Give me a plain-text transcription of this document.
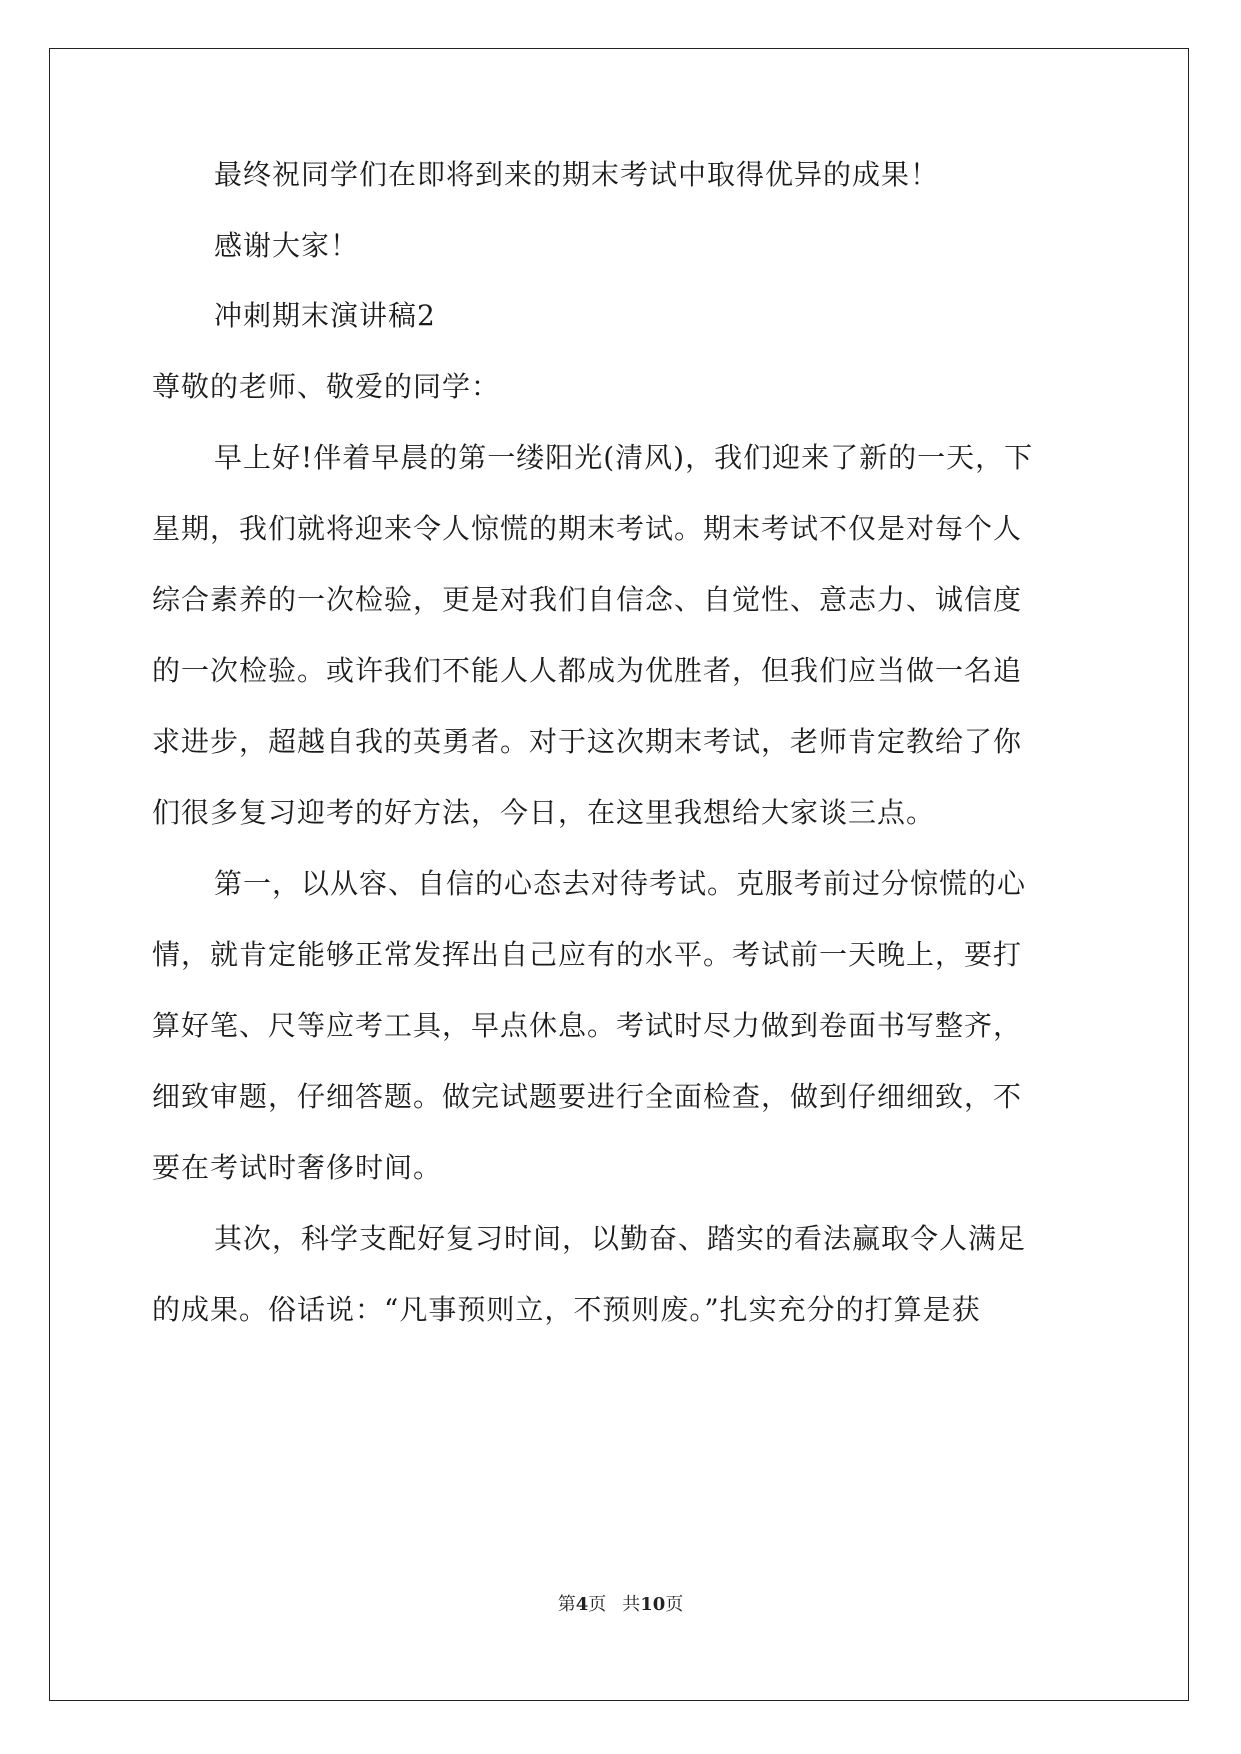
最终祝同学们在即将到来的期末考试中取得优异的成果！
感谢大家！
冲刺期末演讲稿2
尊敬的老师、敬爱的同学：
早上好!伴着早晨的第一缕阳光(清风)，我们迎来了新的一天，下
星期，我们就将迎来令人惊慌的期末考试。期末考试不仅是对每个人
综合素养的一次检验，更是对我们自信念、自觉性、意志力、诚信度
的一次检验。或许我们不能人人都成为优胜者，但我们应当做一名追
求进步，超越自我的英勇者。对于这次期末考试，老师肯定教给了你
们很多复习迎考的好方法，今日，在这里我想给大家谈三点。
第一，以从容、自信的心态去对待考试。克服考前过分惊慌的心
情，就肯定能够正常发挥出自己应有的水平。考试前一天晚上，要打
算好笔、尺等应考工具，早点休息。考试时尽力做到卷面书写整齐，
细致审题，仔细答题。做完试题要进行全面检查，做到仔细细致，不
要在考试时奢侈时间。
其次，科学支配好复习时间，以勤奋、踏实的看法赢取令人满足
的成果。俗话说：“凡事预则立，不预则废。”扎实充分的打算是获
第4页 共10页
